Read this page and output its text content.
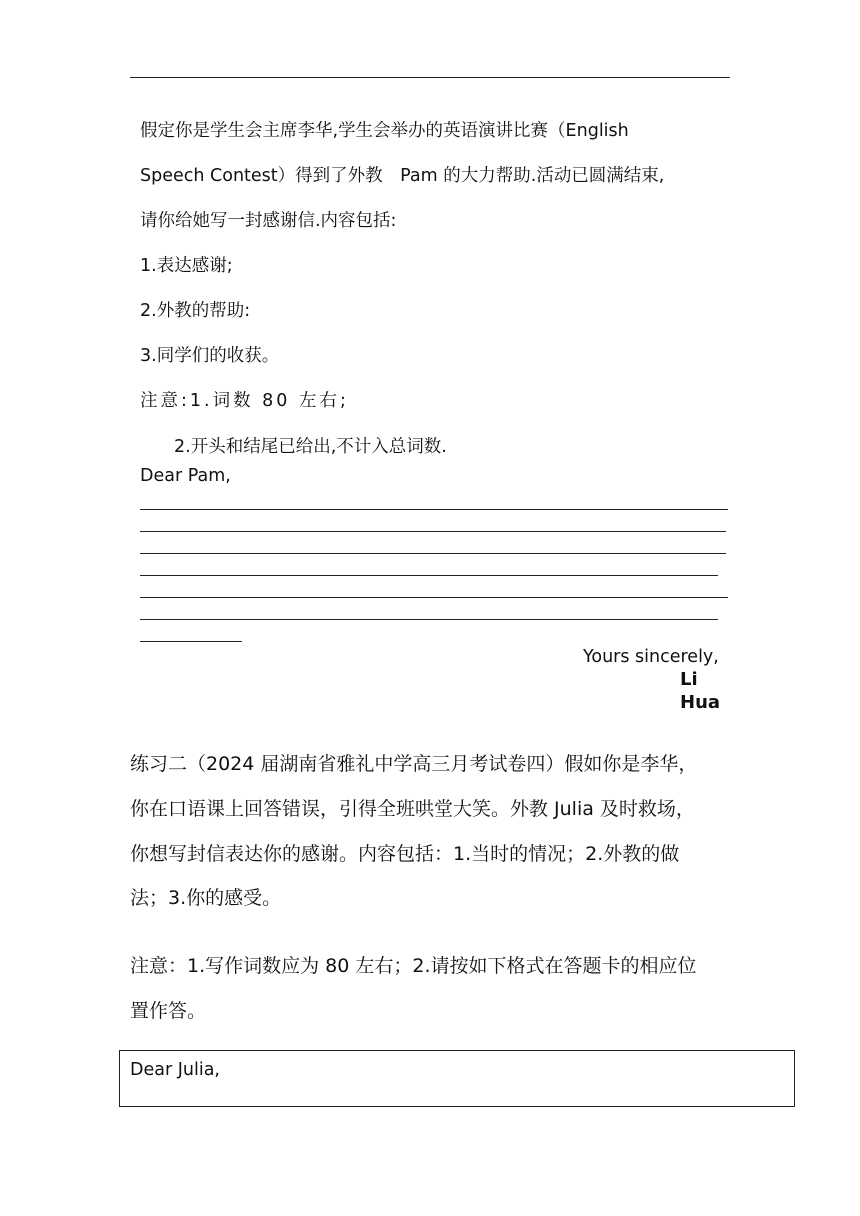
假定你是学生会主席李华,学生会举办的英语演讲比赛（English
Speech Contest）得到了外教　Pam 的大力帮助.活动已圆满结束,
请你给她写一封感谢信.内容包括:
1.表达感谢;
2.外教的帮助:
3.同学们的收获。
注意:1.词数 80 左右;
2.开头和结尾已给出,不计入总词数.
Dear Pam,
Yours sincerely,
Li
Hua
练习二（2024 届湖南省雅礼中学高三月考试卷四）假如你是李华，
你在口语课上回答错误，引得全班哄堂大笑。外教 Julia 及时救场，
你想写封信表达你的感谢。内容包括：1.当时的情况；2.外教的做
法；3.你的感受。
注意：1.写作词数应为 80 左右；2.请按如下格式在答题卡的相应位
置作答。
Dear Julia,
